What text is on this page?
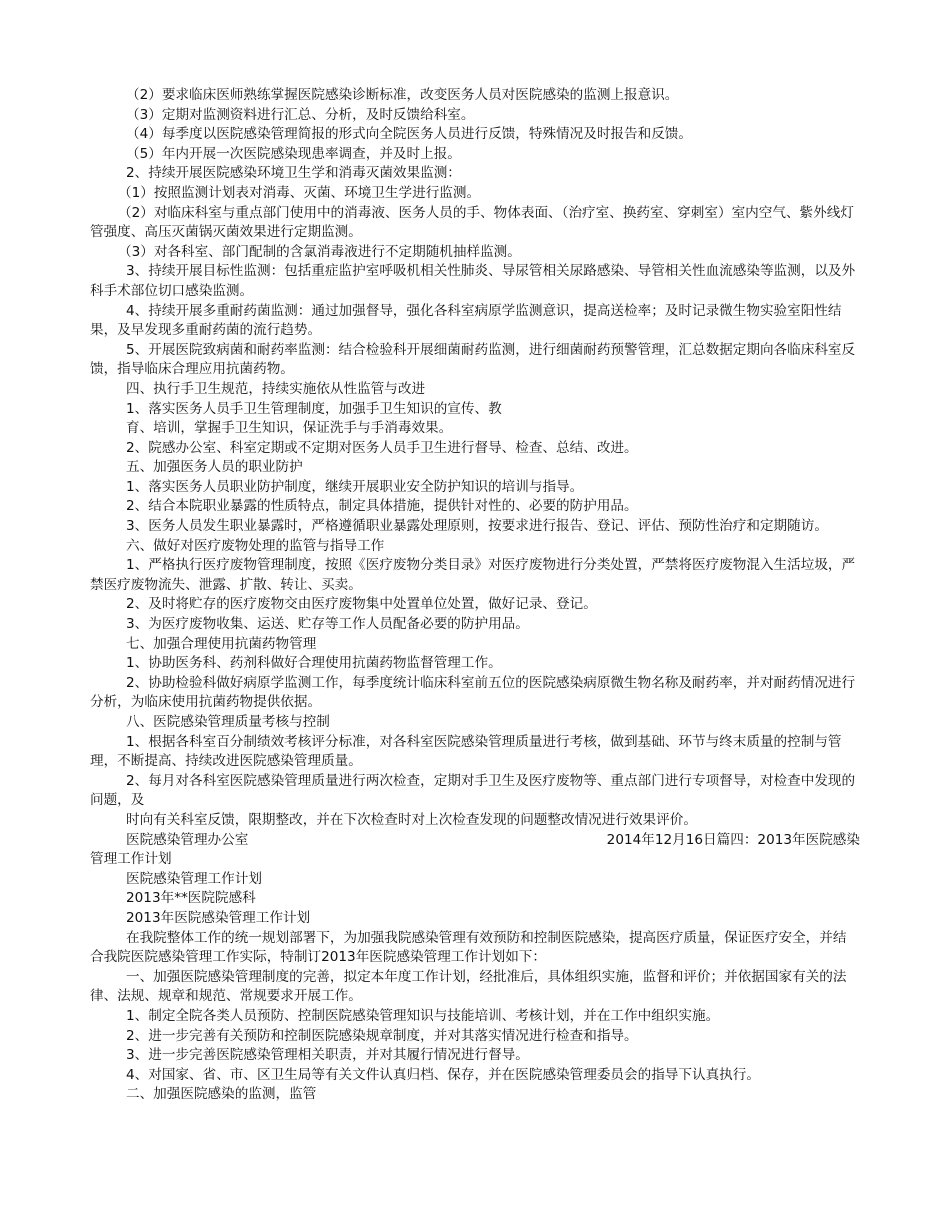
（2）要求临床医师熟练掌握医院感染诊断标准，改变医务人员对医院感染的监测上报意识。

（3）定期对监测资料进行汇总、分析，及时反馈给科室。

（4）每季度以医院感染管理简报的形式向全院医务人员进行反馈，特殊情况及时报告和反馈。

（5）年内开展一次医院感染现患率调查，并及时上报。

2、持续开展医院感染环境卫生学和消毒灭菌效果监测：

（1）按照监测计划表对消毒、灭菌、环境卫生学进行监测。

（2）对临床科室与重点部门使用中的消毒液、医务人员的手、物体表面、（治疗室、换药室、穿刺室）室内空气、紫外线灯管强度、高压灭菌锅灭菌效果进行定期监测。

（3）对各科室、部门配制的含氯消毒液进行不定期随机抽样监测。

3、持续开展目标性监测：包括重症监护室呼吸机相关性肺炎、导尿管相关尿路感染、导管相关性血流感染等监测，以及外科手术部位切口感染监测。

4、持续开展多重耐药菌监测：通过加强督导，强化各科室病原学监测意识，提高送检率；及时记录微生物实验室阳性结果，及早发现多重耐药菌的流行趋势。

5、开展医院致病菌和耐药率监测：结合检验科开展细菌耐药监测，进行细菌耐药预警管理，汇总数据定期向各临床科室反馈，指导临床合理应用抗菌药物。

四、执行手卫生规范，持续实施依从性监管与改进

1、落实医务人员手卫生管理制度，加强手卫生知识的宣传、教

育、培训，掌握手卫生知识，保证洗手与手消毒效果。

2、院感办公室、科室定期或不定期对医务人员手卫生进行督导、检查、总结、改进。

五、加强医务人员的职业防护

1、落实医务人员职业防护制度，继续开展职业安全防护知识的培训与指导。

2、结合本院职业暴露的性质特点，制定具体措施，提供针对性的、必要的防护用品。

3、医务人员发生职业暴露时，严格遵循职业暴露处理原则，按要求进行报告、登记、评估、预防性治疗和定期随访。

六、做好对医疗废物处理的监管与指导工作

1、严格执行医疗废物管理制度，按照《医疗废物分类目录》对医疗废物进行分类处置，严禁将医疗废物混入生活垃圾，严禁医疗废物流失、泄露、扩散、转让、买卖。

2、及时将贮存的医疗废物交由医疗废物集中处置单位处置，做好记录、登记。

3、为医疗废物收集、运送、贮存等工作人员配备必要的防护用品。

七、加强合理使用抗菌药物管理

1、协助医务科、药剂科做好合理使用抗菌药物监督管理工作。

2、协助检验科做好病原学监测工作，每季度统计临床科室前五位的医院感染病原微生物名称及耐药率，并对耐药情况进行分析，为临床使用抗菌药物提供依据。

八、医院感染管理质量考核与控制

1、根据各科室百分制绩效考核评分标准，对各科室医院感染管理质量进行考核，做到基础、环节与终末质量的控制与管理，不断提高、持续改进医院感染管理质量。

2、每月对各科室医院感染管理质量进行两次检查，定期对手卫生及医疗废物等、重点部门进行专项督导，对检查中发现的问题，及

时向有关科室反馈，限期整改，并在下次检查时对上次检查发现的问题整改情况进行效果评价。

医院感染管理办公室	2014年12月16日篇四：2013年医院感染

管理工作计划

医院感染管理工作计划

2013年**医院院感科

2013年医院感染管理工作计划

在我院整体工作的统一规划部署下，为加强我院感染管理有效预防和控制医院感染，提高医疗质量，保证医疗安全，并结合我院医院感染管理工作实际，特制订2013年医院感染管理工作计划如下：

一、加强医院感染管理制度的完善，拟定本年度工作计划，经批准后，具体组织实施，监督和评价；并依据国家有关的法律、法规、规章和规范、常规要求开展工作。

1、制定全院各类人员预防、控制医院感染管理知识与技能培训、考核计划，并在工作中组织实施。

2、进一步完善有关预防和控制医院感染规章制度，并对其落实情况进行检查和指导。

3、进一步完善医院感染管理相关职责，并对其履行情况进行督导。

4、对国家、省、市、区卫生局等有关文件认真归档、保存，并在医院感染管理委员会的指导下认真执行。

二、加强医院感染的监测，监管
